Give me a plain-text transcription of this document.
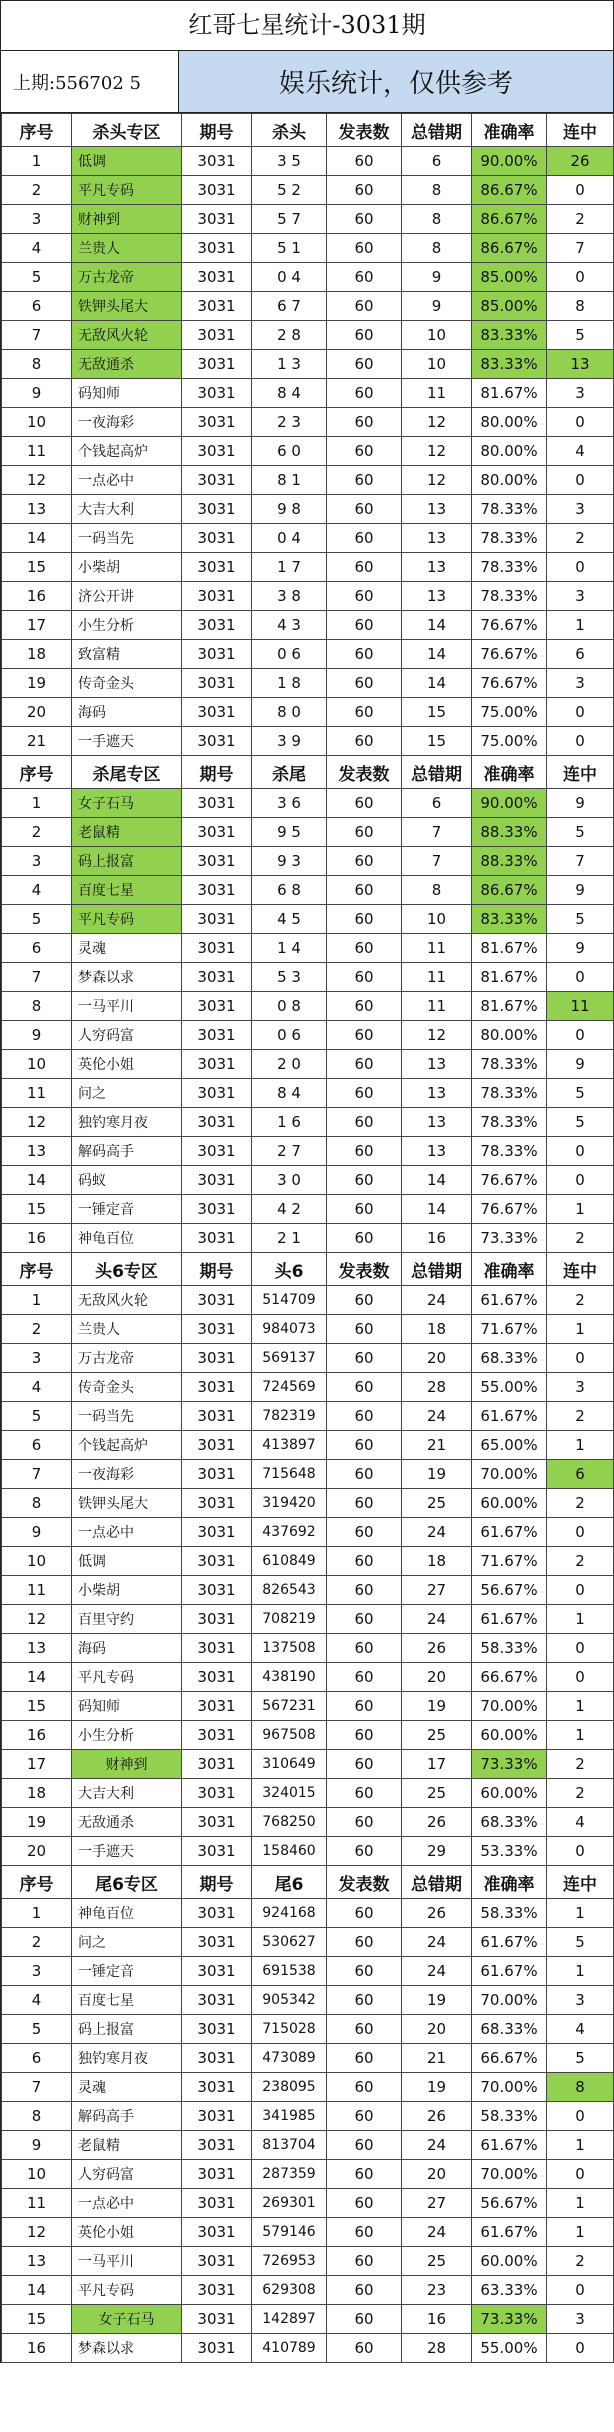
红哥七星统计-3031期
上期:556702 5	娱乐统计，仅供参考
序号	杀头专区	期号	杀头	发表数	总错期	准确率	连中
1	低调	3031	3 5	60	6	90.00%	26
2	平凡专码	3031	5 2	60	8	86.67%	0
3	财神到	3031	5 7	60	8	86.67%	2
4	兰贵人	3031	5 1	60	8	86.67%	7
5	万古龙帝	3031	0 4	60	9	85.00%	0
6	铁钾头尾大	3031	6 7	60	9	85.00%	8
7	无敌风火轮	3031	2 8	60	10	83.33%	5
8	无敌通杀	3031	1 3	60	10	83.33%	13
9	码知师	3031	8 4	60	11	81.67%	3
10	一夜海彩	3031	2 3	60	12	80.00%	0
11	个钱起高炉	3031	6 0	60	12	80.00%	4
12	一点必中	3031	8 1	60	12	80.00%	0
13	大吉大利	3031	9 8	60	13	78.33%	3
14	一码当先	3031	0 4	60	13	78.33%	2
15	小柴胡	3031	1 7	60	13	78.33%	0
16	济公开讲	3031	3 8	60	13	78.33%	3
17	小生分析	3031	4 3	60	14	76.67%	1
18	致富精	3031	0 6	60	14	76.67%	6
19	传奇金头	3031	1 8	60	14	76.67%	3
20	海码	3031	8 0	60	15	75.00%	0
21	一手遮天	3031	3 9	60	15	75.00%	0
序号	杀尾专区	期号	杀尾	发表数	总错期	准确率	连中
1	女子石马	3031	3 6	60	6	90.00%	9
2	老鼠精	3031	9 5	60	7	88.33%	5
3	码上报富	3031	9 3	60	7	88.33%	7
4	百度七星	3031	6 8	60	8	86.67%	9
5	平凡专码	3031	4 5	60	10	83.33%	5
6	灵魂	3031	1 4	60	11	81.67%	9
7	梦森以求	3031	5 3	60	11	81.67%	0
8	一马平川	3031	0 8	60	11	81.67%	11
9	人穷码富	3031	0 6	60	12	80.00%	0
10	英伦小姐	3031	2 0	60	13	78.33%	9
11	问之	3031	8 4	60	13	78.33%	5
12	独钓寒月夜	3031	1 6	60	13	78.33%	5
13	解码高手	3031	2 7	60	13	78.33%	0
14	码蚁	3031	3 0	60	14	76.67%	0
15	一锤定音	3031	4 2	60	14	76.67%	1
16	神龟百位	3031	2 1	60	16	73.33%	2
序号	头6专区	期号	头6	发表数	总错期	准确率	连中
1	无敌风火轮	3031	514709	60	24	61.67%	2
2	兰贵人	3031	984073	60	18	71.67%	1
3	万古龙帝	3031	569137	60	20	68.33%	0
4	传奇金头	3031	724569	60	28	55.00%	3
5	一码当先	3031	782319	60	24	61.67%	2
6	个钱起高炉	3031	413897	60	21	65.00%	1
7	一夜海彩	3031	715648	60	19	70.00%	6
8	铁钾头尾大	3031	319420	60	25	60.00%	2
9	一点必中	3031	437692	60	24	61.67%	0
10	低调	3031	610849	60	18	71.67%	2
11	小柴胡	3031	826543	60	27	56.67%	0
12	百里守约	3031	708219	60	24	61.67%	1
13	海码	3031	137508	60	26	58.33%	0
14	平凡专码	3031	438190	60	20	66.67%	0
15	码知师	3031	567231	60	19	70.00%	1
16	小生分析	3031	967508	60	25	60.00%	1
17	财神到	3031	310649	60	17	73.33%	2
18	大吉大利	3031	324015	60	25	60.00%	2
19	无敌通杀	3031	768250	60	26	68.33%	4
20	一手遮天	3031	158460	60	29	53.33%	0
序号	尾6专区	期号	尾6	发表数	总错期	准确率	连中
1	神龟百位	3031	924168	60	26	58.33%	1
2	问之	3031	530627	60	24	61.67%	5
3	一锤定音	3031	691538	60	24	61.67%	1
4	百度七星	3031	905342	60	19	70.00%	3
5	码上报富	3031	715028	60	20	68.33%	4
6	独钓寒月夜	3031	473089	60	21	66.67%	5
7	灵魂	3031	238095	60	19	70.00%	8
8	解码高手	3031	341985	60	26	58.33%	0
9	老鼠精	3031	813704	60	24	61.67%	1
10	人穷码富	3031	287359	60	20	70.00%	0
11	一点必中	3031	269301	60	27	56.67%	1
12	英伦小姐	3031	579146	60	24	61.67%	1
13	一马平川	3031	726953	60	25	60.00%	2
14	平凡专码	3031	629308	60	23	63.33%	0
15	女子石马	3031	142897	60	16	73.33%	3
16	梦森以求	3031	410789	60	28	55.00%	0
